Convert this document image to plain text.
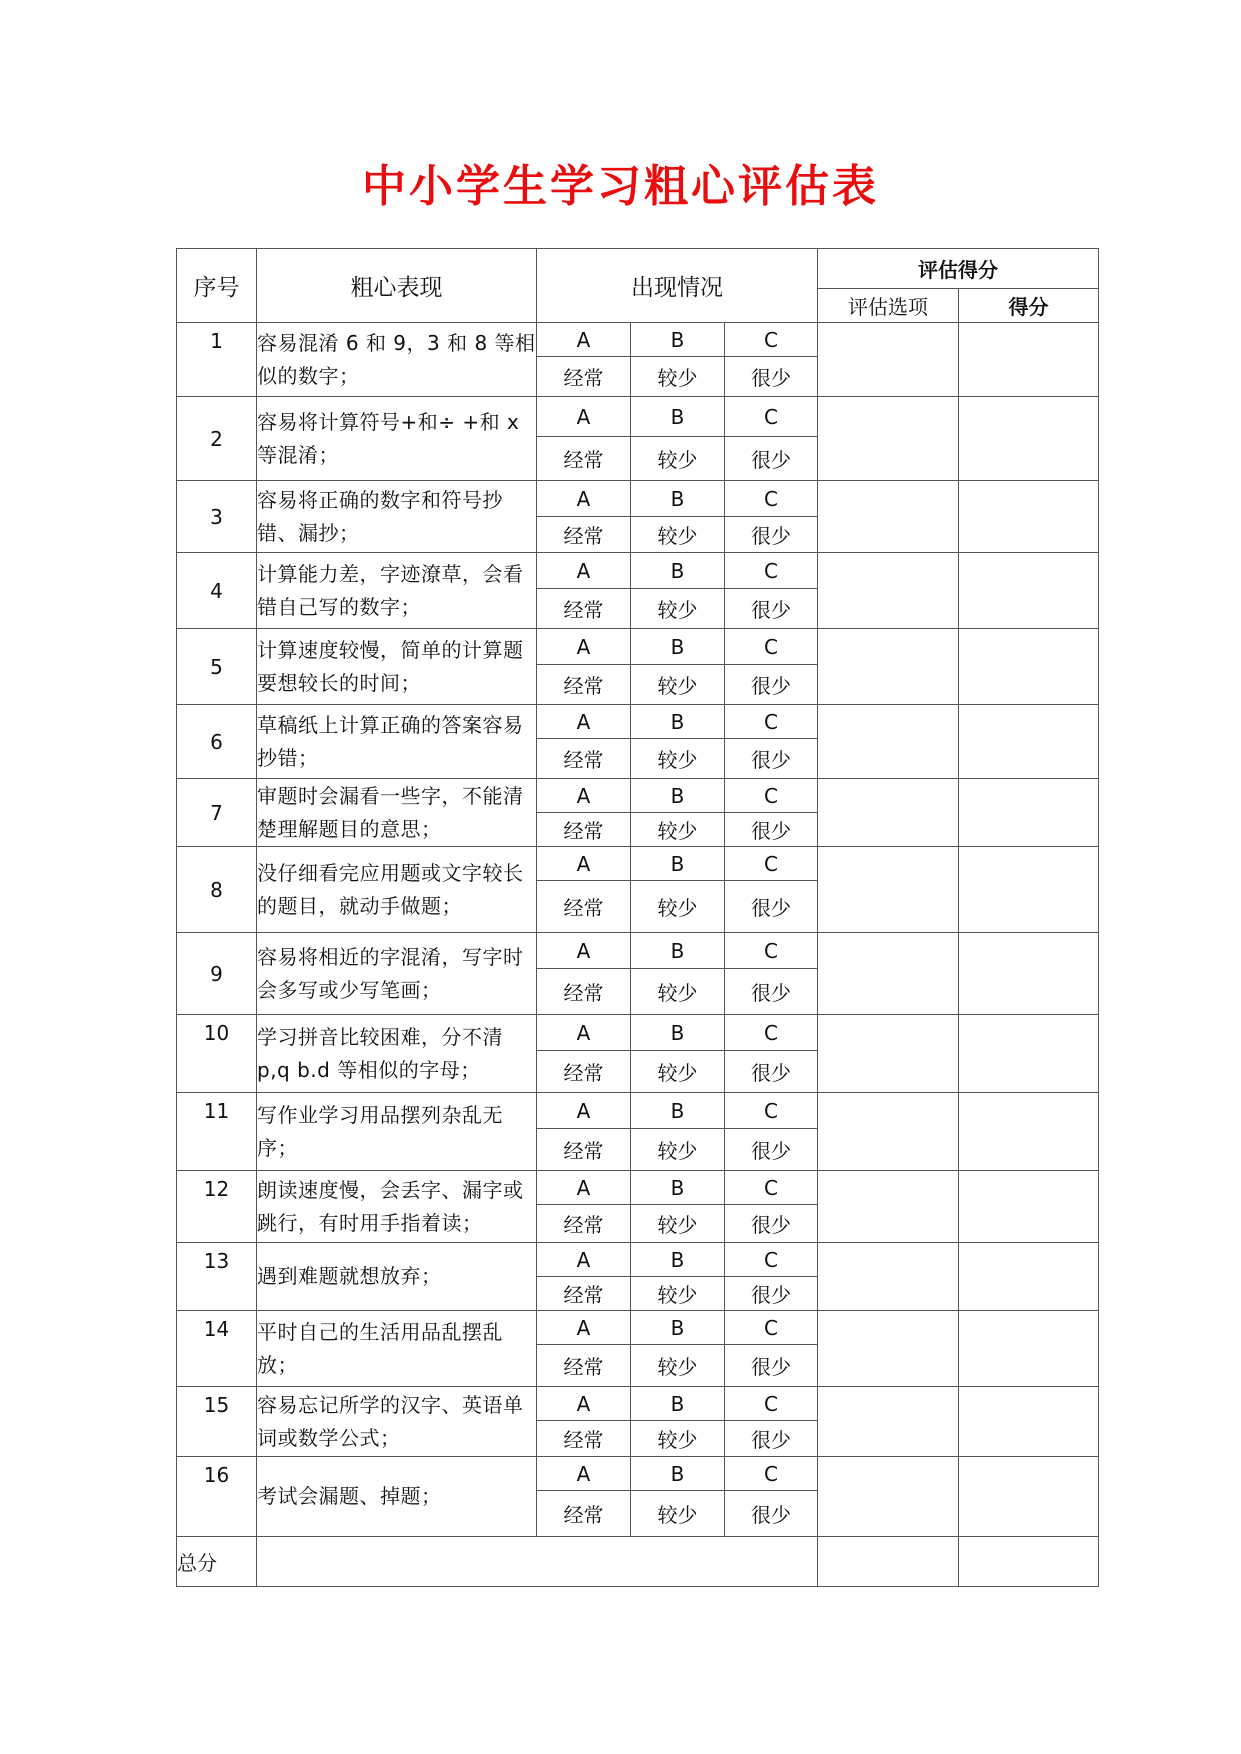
中小学生学习粗心评估表
序号	粗心表现	出现情况			评估得分	
					评估选项	得分
1	容易混淆 6 和 9，3 和 8 等相似的数字；	A	B	C		
		经常	较少	很少		
2	容易将计算符号+和÷ +和 x 等混淆；	A	B	C		
		经常	较少	很少		
3	容易将正确的数字和符号抄错、漏抄；	A	B	C		
		经常	较少	很少		
4	计算能力差，字迹潦草，会看错自己写的数字；	A	B	C		
		经常	较少	很少		
5	计算速度较慢，简单的计算题要想较长的时间；	A	B	C		
		经常	较少	很少		
6	草稿纸上计算正确的答案容易抄错；	A	B	C		
		经常	较少	很少		
7	审题时会漏看一些字，不能清楚理解题目的意思；	A	B	C		
		经常	较少	很少		
8	没仔细看完应用题或文字较长的题目，就动手做题；	A	B	C		
		经常	较少	很少		
9	容易将相近的字混淆，写字时会多写或少写笔画；	A	B	C		
		经常	较少	很少		
10	学习拼音比较困难，分不清 p,q b.d 等相似的字母；	A	B	C		
		经常	较少	很少		
11	写作业学习用品摆列杂乱无序；	A	B	C		
		经常	较少	很少		
12	朗读速度慢，会丢字、漏字或跳行，有时用手指着读；	A	B	C		
		经常	较少	很少		
13	遇到难题就想放弃；	A	B	C		
		经常	较少	很少		
14	平时自己的生活用品乱摆乱放；	A	B	C		
		经常	较少	很少		
15	容易忘记所学的汉字、英语单词或数学公式；	A	B	C		
		经常	较少	很少		
16	考试会漏题、掉题；	A	B	C		
		经常	较少	很少		
总分						
